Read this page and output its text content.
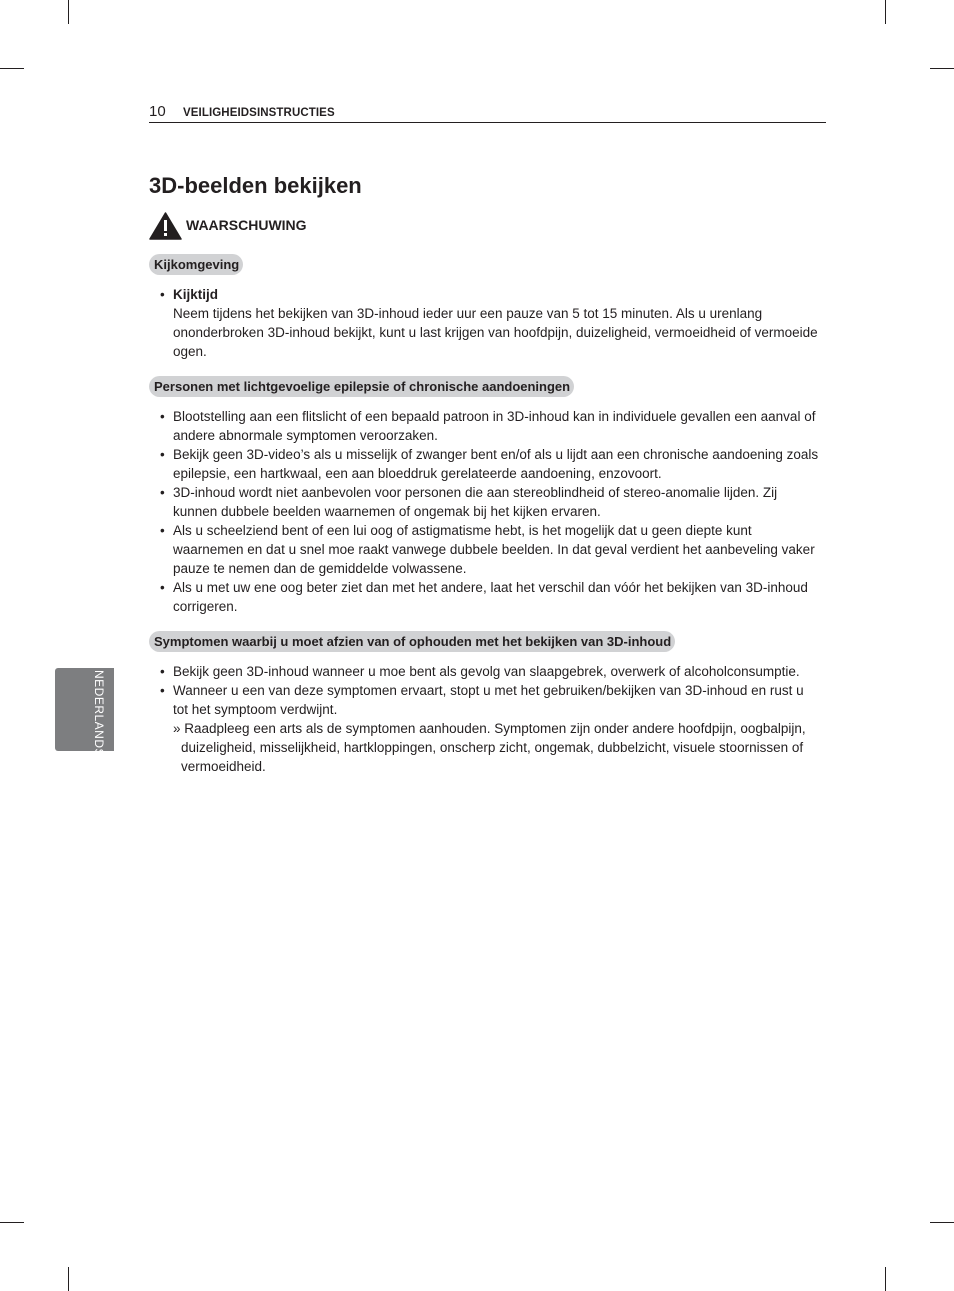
10 VEILIGHEIDSINSTRUCTIES
3D-beelden bekijken
WAARSCHUWING
Kijkomgeving
• Kijktijd
Neem tijdens het bekijken van 3D-inhoud ieder uur een pauze van 5 tot 15 minuten. Als u urenlang ononderbroken 3D-inhoud bekijkt, kunt u last krijgen van hoofdpijn, duizeligheid, vermoeidheid of vermoeide ogen.
Personen met lichtgevoelige epilepsie of chronische aandoeningen
• Blootstelling aan een flitslicht of een bepaald patroon in 3D-inhoud kan in individuele gevallen een aanval of andere abnormale symptomen veroorzaken.
• Bekijk geen 3D-video’s als u misselijk of zwanger bent en/of als u lijdt aan een chronische aandoening zoals epilepsie, een hartkwaal, een aan bloeddruk gerelateerde aandoening, enzovoort.
• 3D-inhoud wordt niet aanbevolen voor personen die aan stereoblindheid of stereo-anomalie lijden. Zij kunnen dubbele beelden waarnemen of ongemak bij het kijken ervaren.
• Als u scheelziend bent of een lui oog of astigmatisme hebt, is het mogelijk dat u geen diepte kunt waarnemen en dat u snel moe raakt vanwege dubbele beelden. In dat geval verdient het aanbeveling vaker pauze te nemen dan de gemiddelde volwassene.
• Als u met uw ene oog beter ziet dan met het andere, laat het verschil dan vóór het bekijken van 3D-inhoud corrigeren.
Symptomen waarbij u moet afzien van of ophouden met het bekijken van 3D-inhoud
• Bekijk geen 3D-inhoud wanneer u moe bent als gevolg van slaapgebrek, overwerk of alcoholconsumptie.
• Wanneer u een van deze symptomen ervaart, stopt u met het gebruiken/bekijken van 3D-inhoud en rust u tot het symptoom verdwijnt.
» Raadpleeg een arts als de symptomen aanhouden. Symptomen zijn onder andere hoofdpijn, oogbalpijn, duizeligheid, misselijkheid, hartkloppingen, onscherp zicht, ongemak, dubbelzicht, visuele stoornissen of vermoeidheid.
NEDERLANDS
